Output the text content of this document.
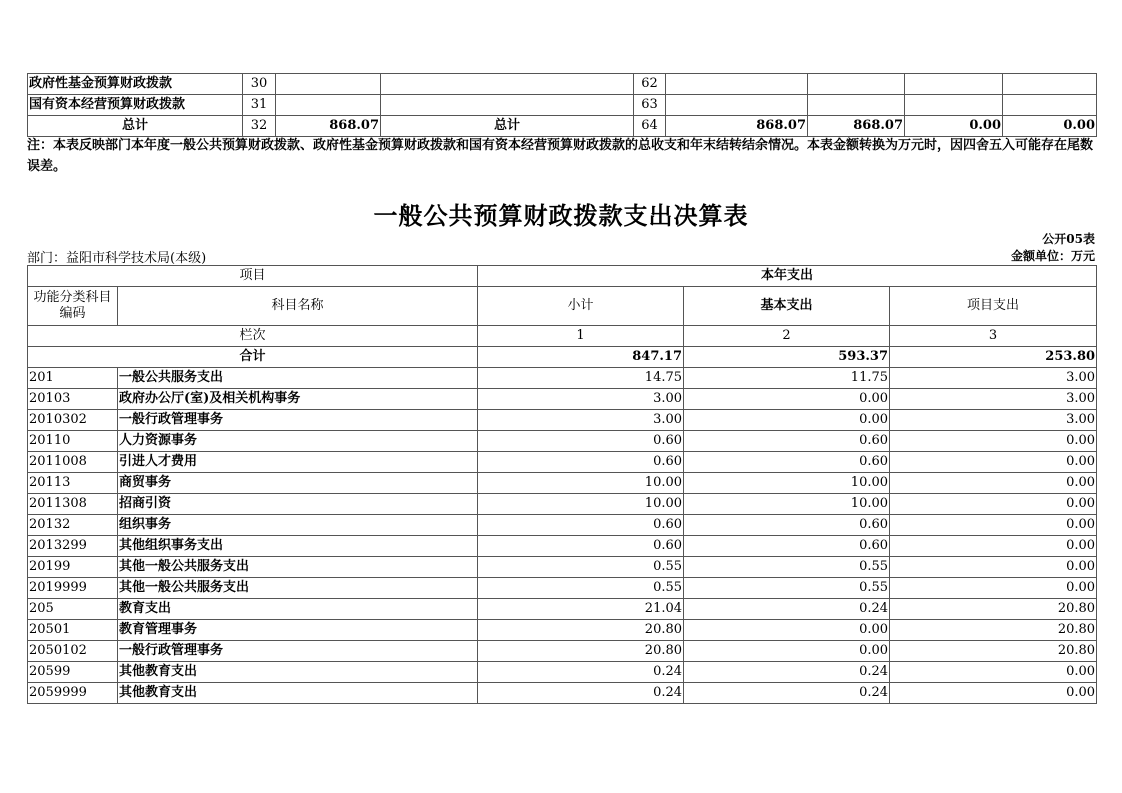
政府性基金预算财政拨款	30			62				
国有资本经营预算财政拨款	31			63				
总计	32	868.07	总计	64	868.07	868.07	0.00	0.00
注：本表反映部门本年度一般公共预算财政拨款、政府性基金预算财政拨款和国有资本经营预算财政拨款的总收支和年末结转结余情况。本表金额转换为万元时，因四舍五入可能存在尾数误差。
一般公共预算财政拨款支出决算表
公开05表
部门：益阳市科学技术局(本级)	金额单位：万元
项目		本年支出		
功能分类科目编码	科目名称	小计	基本支出	项目支出
栏次		1	2	3
合计		847.17	593.37	253.80
201	一般公共服务支出	14.75	11.75	3.00
20103	政府办公厅(室)及相关机构事务	3.00	0.00	3.00
2010302	一般行政管理事务	3.00	0.00	3.00
20110	人力资源事务	0.60	0.60	0.00
2011008	引进人才费用	0.60	0.60	0.00
20113	商贸事务	10.00	10.00	0.00
2011308	招商引资	10.00	10.00	0.00
20132	组织事务	0.60	0.60	0.00
2013299	其他组织事务支出	0.60	0.60	0.00
20199	其他一般公共服务支出	0.55	0.55	0.00
2019999	其他一般公共服务支出	0.55	0.55	0.00
205	教育支出	21.04	0.24	20.80
20501	教育管理事务	20.80	0.00	20.80
2050102	一般行政管理事务	20.80	0.00	20.80
20599	其他教育支出	0.24	0.24	0.00
2059999	其他教育支出	0.24	0.24	0.00
